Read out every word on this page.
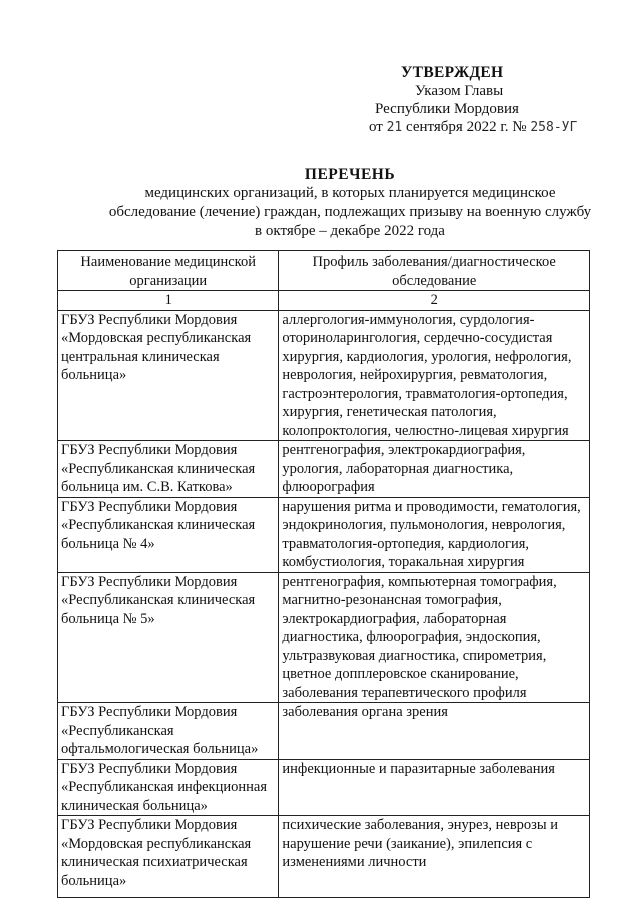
УТВЕРЖДЕН
Указом Главы
Республики Мордовия
от 21 сентября 2022 г. № 258-УГ
ПЕРЕЧЕНЬ
медицинских организаций, в которых планируется медицинское
обследование (лечение) граждан, подлежащих призыву на военную службу
в октябре – декабре 2022 года
Наименование медицинской организации	Профиль заболевания/диагностическое обследование
1	2
ГБУЗ Республики Мордовия «Мордовская республиканская центральная клиническая больница»	аллергология-иммунология, сурдология-оториноларингология, сердечно-сосудистая хирургия, кардиология, урология, нефрология, неврология, нейрохирургия, ревматология, гастроэнтерология, травматология-ортопедия, хирургия, генетическая патология, колопроктология, челюстно-лицевая хирургия
ГБУЗ Республики Мордовия «Республиканская клиническая больница им. С.В. Каткова»	рентгенография, электрокардиография, урология, лабораторная диагностика, флюорография
ГБУЗ Республики Мордовия «Республиканская клиническая больница № 4»	нарушения ритма и проводимости, гематология, эндокринология, пульмонология, неврология, травматология-ортопедия, кардиология, комбустиология, торакальная хирургия
ГБУЗ Республики Мордовия «Республиканская клиническая больница № 5»	рентгенография, компьютерная томография, магнитно-резонансная томография, электрокардиография, лабораторная диагностика, флюорография, эндоскопия, ультразвуковая диагностика, спирометрия, цветное допплеровское сканирование, заболевания терапевтического профиля
ГБУЗ Республики Мордовия «Республиканская офтальмологическая больница»	заболевания органа зрения
ГБУЗ Республики Мордовия «Республиканская инфекционная клиническая больница»	инфекционные и паразитарные заболевания
ГБУЗ Республики Мордовия «Мордовская республиканская клиническая психиатрическая больница»	психические заболевания, энурез, неврозы и нарушение речи (заикание), эпилепсия с изменениями личности
